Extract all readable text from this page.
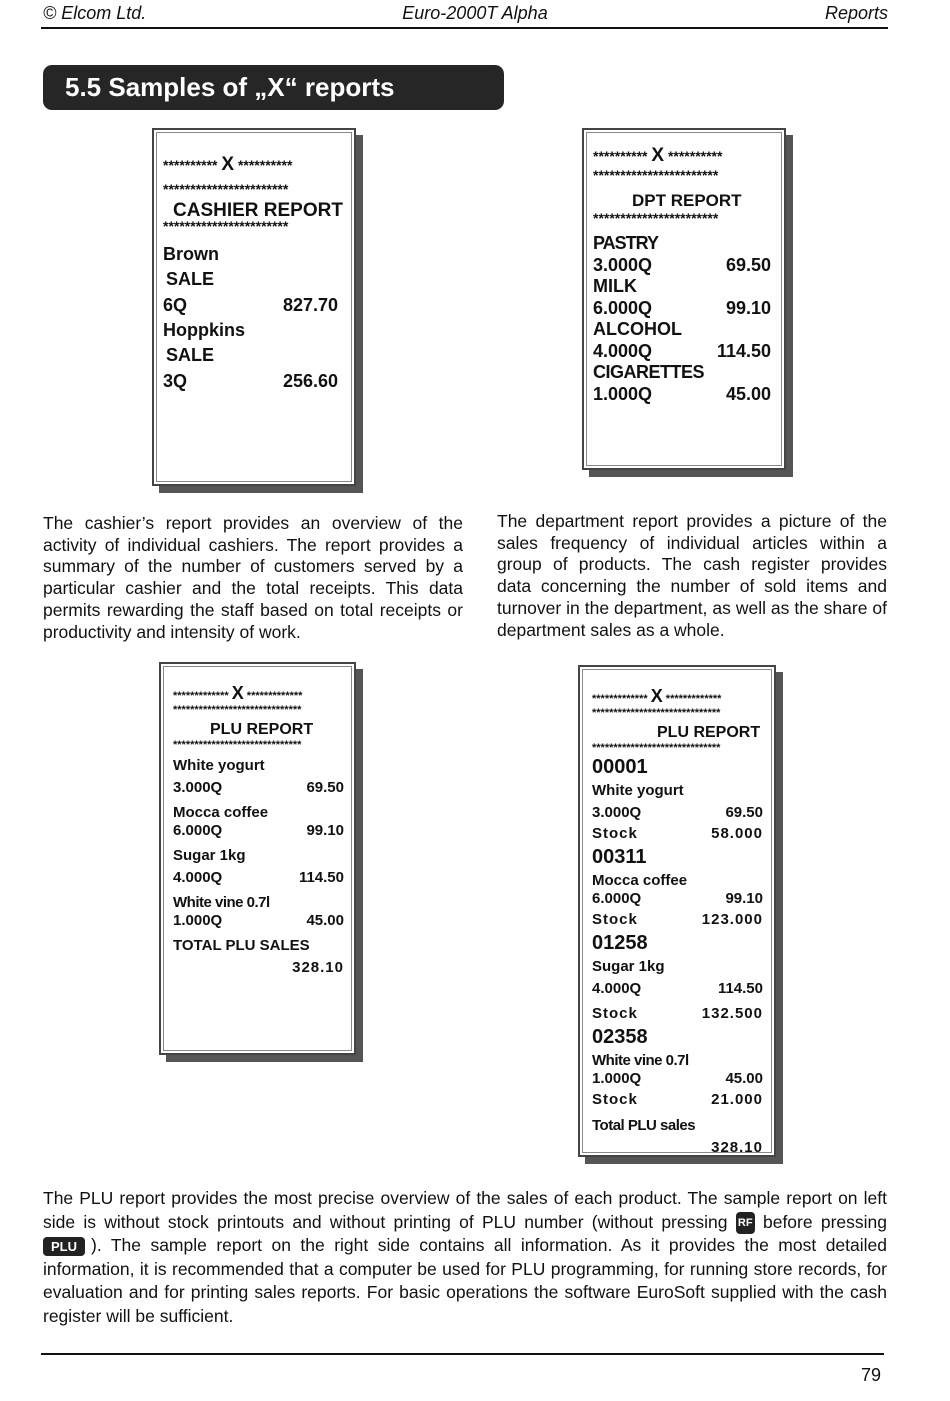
© Elcom Ltd.	Euro-2000T Alpha	Reports
5.5 Samples of „X“ reports
********** X **********
***********************
CASHIER REPORT
***********************
Brown
SALE
6Q	827.70
Hoppkins
SALE
3Q	256.60
********** X **********
***********************
DPT REPORT
***********************
PASTRY
3.000Q	69.50
MILK
6.000Q	99.10
ALCOHOL
4.000Q	114.50
CIGARETTES
1.000Q	45.00

The cashier’s report provides an overview of the activity of individual cashiers. The report provides a summary of the number of customers served by a particular cashier and the total receipts. This data permits rewarding the staff based on total receipts or productivity and intensity of work.

The department report provides a picture of the sales frequency of individual articles within a group of products. The cash register provides data concerning the number of sold items and turnover in the department, as well as the share of department sales as a whole.

************* X *************
******************************
PLU REPORT
******************************
White yogurt
3.000Q	69.50
Mocca coffee
6.000Q	99.10
Sugar 1kg
4.000Q	114.50
White vine 0.7l
1.000Q	45.00
TOTAL PLU SALES
328.10
************* X *************
******************************
PLU REPORT
******************************
00001
White yogurt
3.000Q	69.50
Stock	58.000
00311
Mocca coffee
6.000Q	99.10
Stock	123.000
01258
Sugar 1kg
4.000Q	114.50
Stock	132.500
02358
White vine 0.7l
1.000Q	45.00
Stock	21.000
Total PLU sales
328.10

The PLU report provides the most precise overview of the sales of each product. The sample report on left side is without stock printouts and without printing of PLU number (without pressing RF before pressing PLU ). The sample report on the right side contains all information. As it provides the most detailed information, it is recommended that a computer be used for PLU programming, for running store records, for evaluation and for printing sales reports. For basic operations the software EuroSoft supplied with the cash register will be sufficient.

79
